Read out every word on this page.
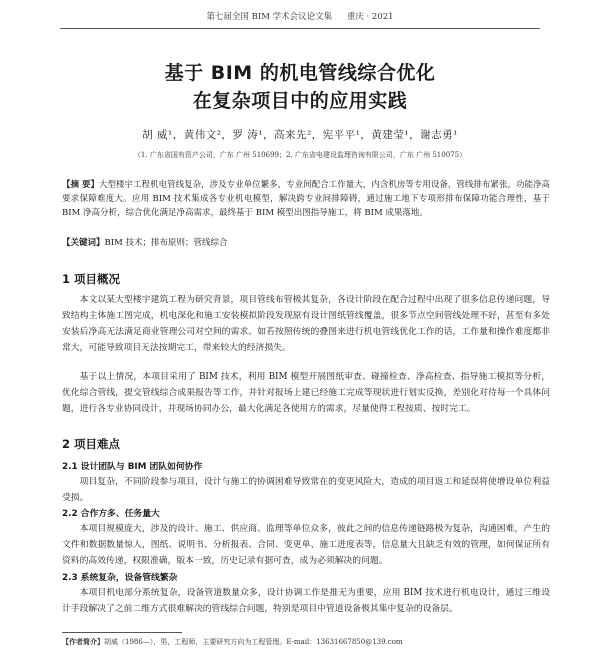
第七届全国 BIM 学术会议论文集 重庆 · 2021
基于 BIM 的机电管线综合优化
在复杂项目中的应用实践
胡 威¹，黄伟文²，罗 涛¹，高来先²，宪平平¹，黄建莹¹，谢志勇¹
（1. 广东省国有资产公司，广东 广州 510699；2. 广东省电建设监理咨询有限公司，广东 广州 510075）
【摘 要】大型楼宇工程机电管线复杂，涉及专业单位繁多，专业间配合工作量大，内含机房等专用设备，管线排布紧张，功能净高要求保障难度大。应用 BIM 技术集成各专业机电模型，解决跨专业间排障碍，通过施工地下专项形排布保障功能合理性，基于 BIM 净高分析，综合优化满足净高需求，最终基于 BIM 模型出图指导施工，将 BIM 成果落地。
【关键词】BIM 技术；排布原则；管线综合
1 项目概况
本文以某大型楼宇建筑工程为研究背景，项目管线布管极其复杂，各设计阶段在配合过程中出现了很多信息传递问题，导致结构主体施工图完成，机电深化和施工安装模拟阶段发现原有设计图纸管线覆盖，很多节点空间管线处理不好，甚至有多处安装后净高无法满足商业管理公司对空间的需求。如若按照传统的叠图来进行机电管线优化工作的话，工作量和操作难度都非常大，可能导致项目无法按期完工，带来较大的经济损失。
基于以上情况，本项目采用了 BIM 技术，利用 BIM 模型开展图纸审查、碰撞检查、净高检查、指导施工模拟等分析，优化综合管线，提交管线综合成果报告等工作，并针对报场上建已经施工完成等现状进行划实反换，差别化对待每一个具体问题，进行各专业协同设计，并现场协同办公，最大化满足各使用方的需求，尽量使得工程按质、按时完工。
2 项目难点
2.1 设计团队与 BIM 团队如何协作
项目复杂，不同阶段参与项目，设计与施工的协调困难导致常在的变更风险大，造成的项目返工和延误将使增设单位利益受损。
2.2 合作方多、任务量大
本项目规模庞大，涉及的设计、施工、供应商、监理等单位众多，彼此之间的信息传递链路极为复杂，沟通困难，产生的文件和数据数量惊人，图纸、说明书、分析报表、合同、变更单、施工进度表等，信息量大且缺乏有效的管理，如何保证所有资料的高效传递，权限准确，版本一致，历史记录有据可查，成为必须解决的问题。
2.3 系统复杂，设备管线繁杂
本项目机电部分系统复杂，设备管道数量众多，设计协调工作是推无为重要，应用 BIM 技术进行机电设计，通过三维设计手段解决了之前二维方式很难解决的管线综合问题，特别是项目中管道设备极其集中复杂的设备层。
【作者简介】胡威（1986—），男，工程师，主要研究方向为工程管理。E-mail：13631667850@139.com
